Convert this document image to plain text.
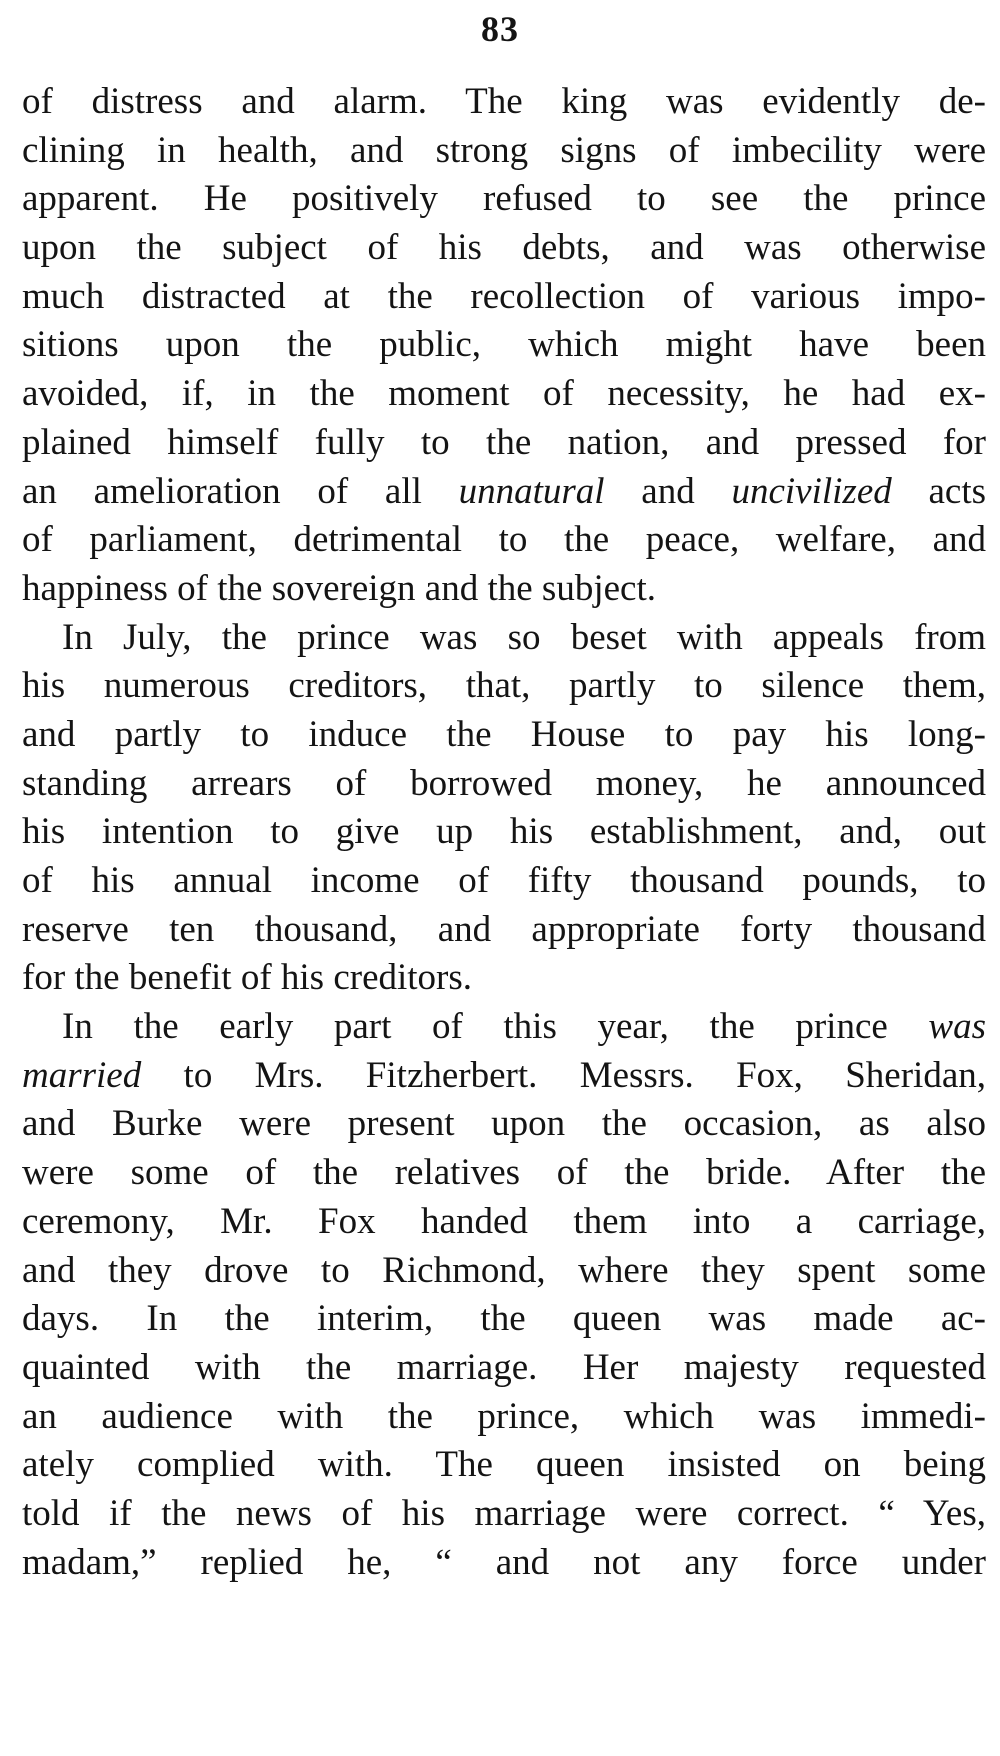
83
of distress and alarm. The king was evidently de-
clining in health, and strong signs of imbecility were
apparent. He positively refused to see the prince
upon the subject of his debts, and was otherwise
much distracted at the recollection of various impo-
sitions upon the public, which might have been
avoided, if, in the moment of necessity, he had ex-
plained himself fully to the nation, and pressed for
an amelioration of all unnatural and uncivilized acts
of parliament, detrimental to the peace, welfare, and
happiness of the sovereign and the subject.
In July, the prince was so beset with appeals from
his numerous creditors, that, partly to silence them,
and partly to induce the House to pay his long-
standing arrears of borrowed money, he announced
his intention to give up his establishment, and, out
of his annual income of fifty thousand pounds, to
reserve ten thousand, and appropriate forty thousand
for the benefit of his creditors.
In the early part of this year, the prince was
married to Mrs. Fitzherbert. Messrs. Fox, Sheridan,
and Burke were present upon the occasion, as also
were some of the relatives of the bride. After the
ceremony, Mr. Fox handed them into a carriage,
and they drove to Richmond, where they spent some
days. In the interim, the queen was made ac-
quainted with the marriage. Her majesty requested
an audience with the prince, which was immedi-
ately complied with. The queen insisted on being
told if the news of his marriage were correct. “ Yes,
madam,” replied he, “ and not any force under
